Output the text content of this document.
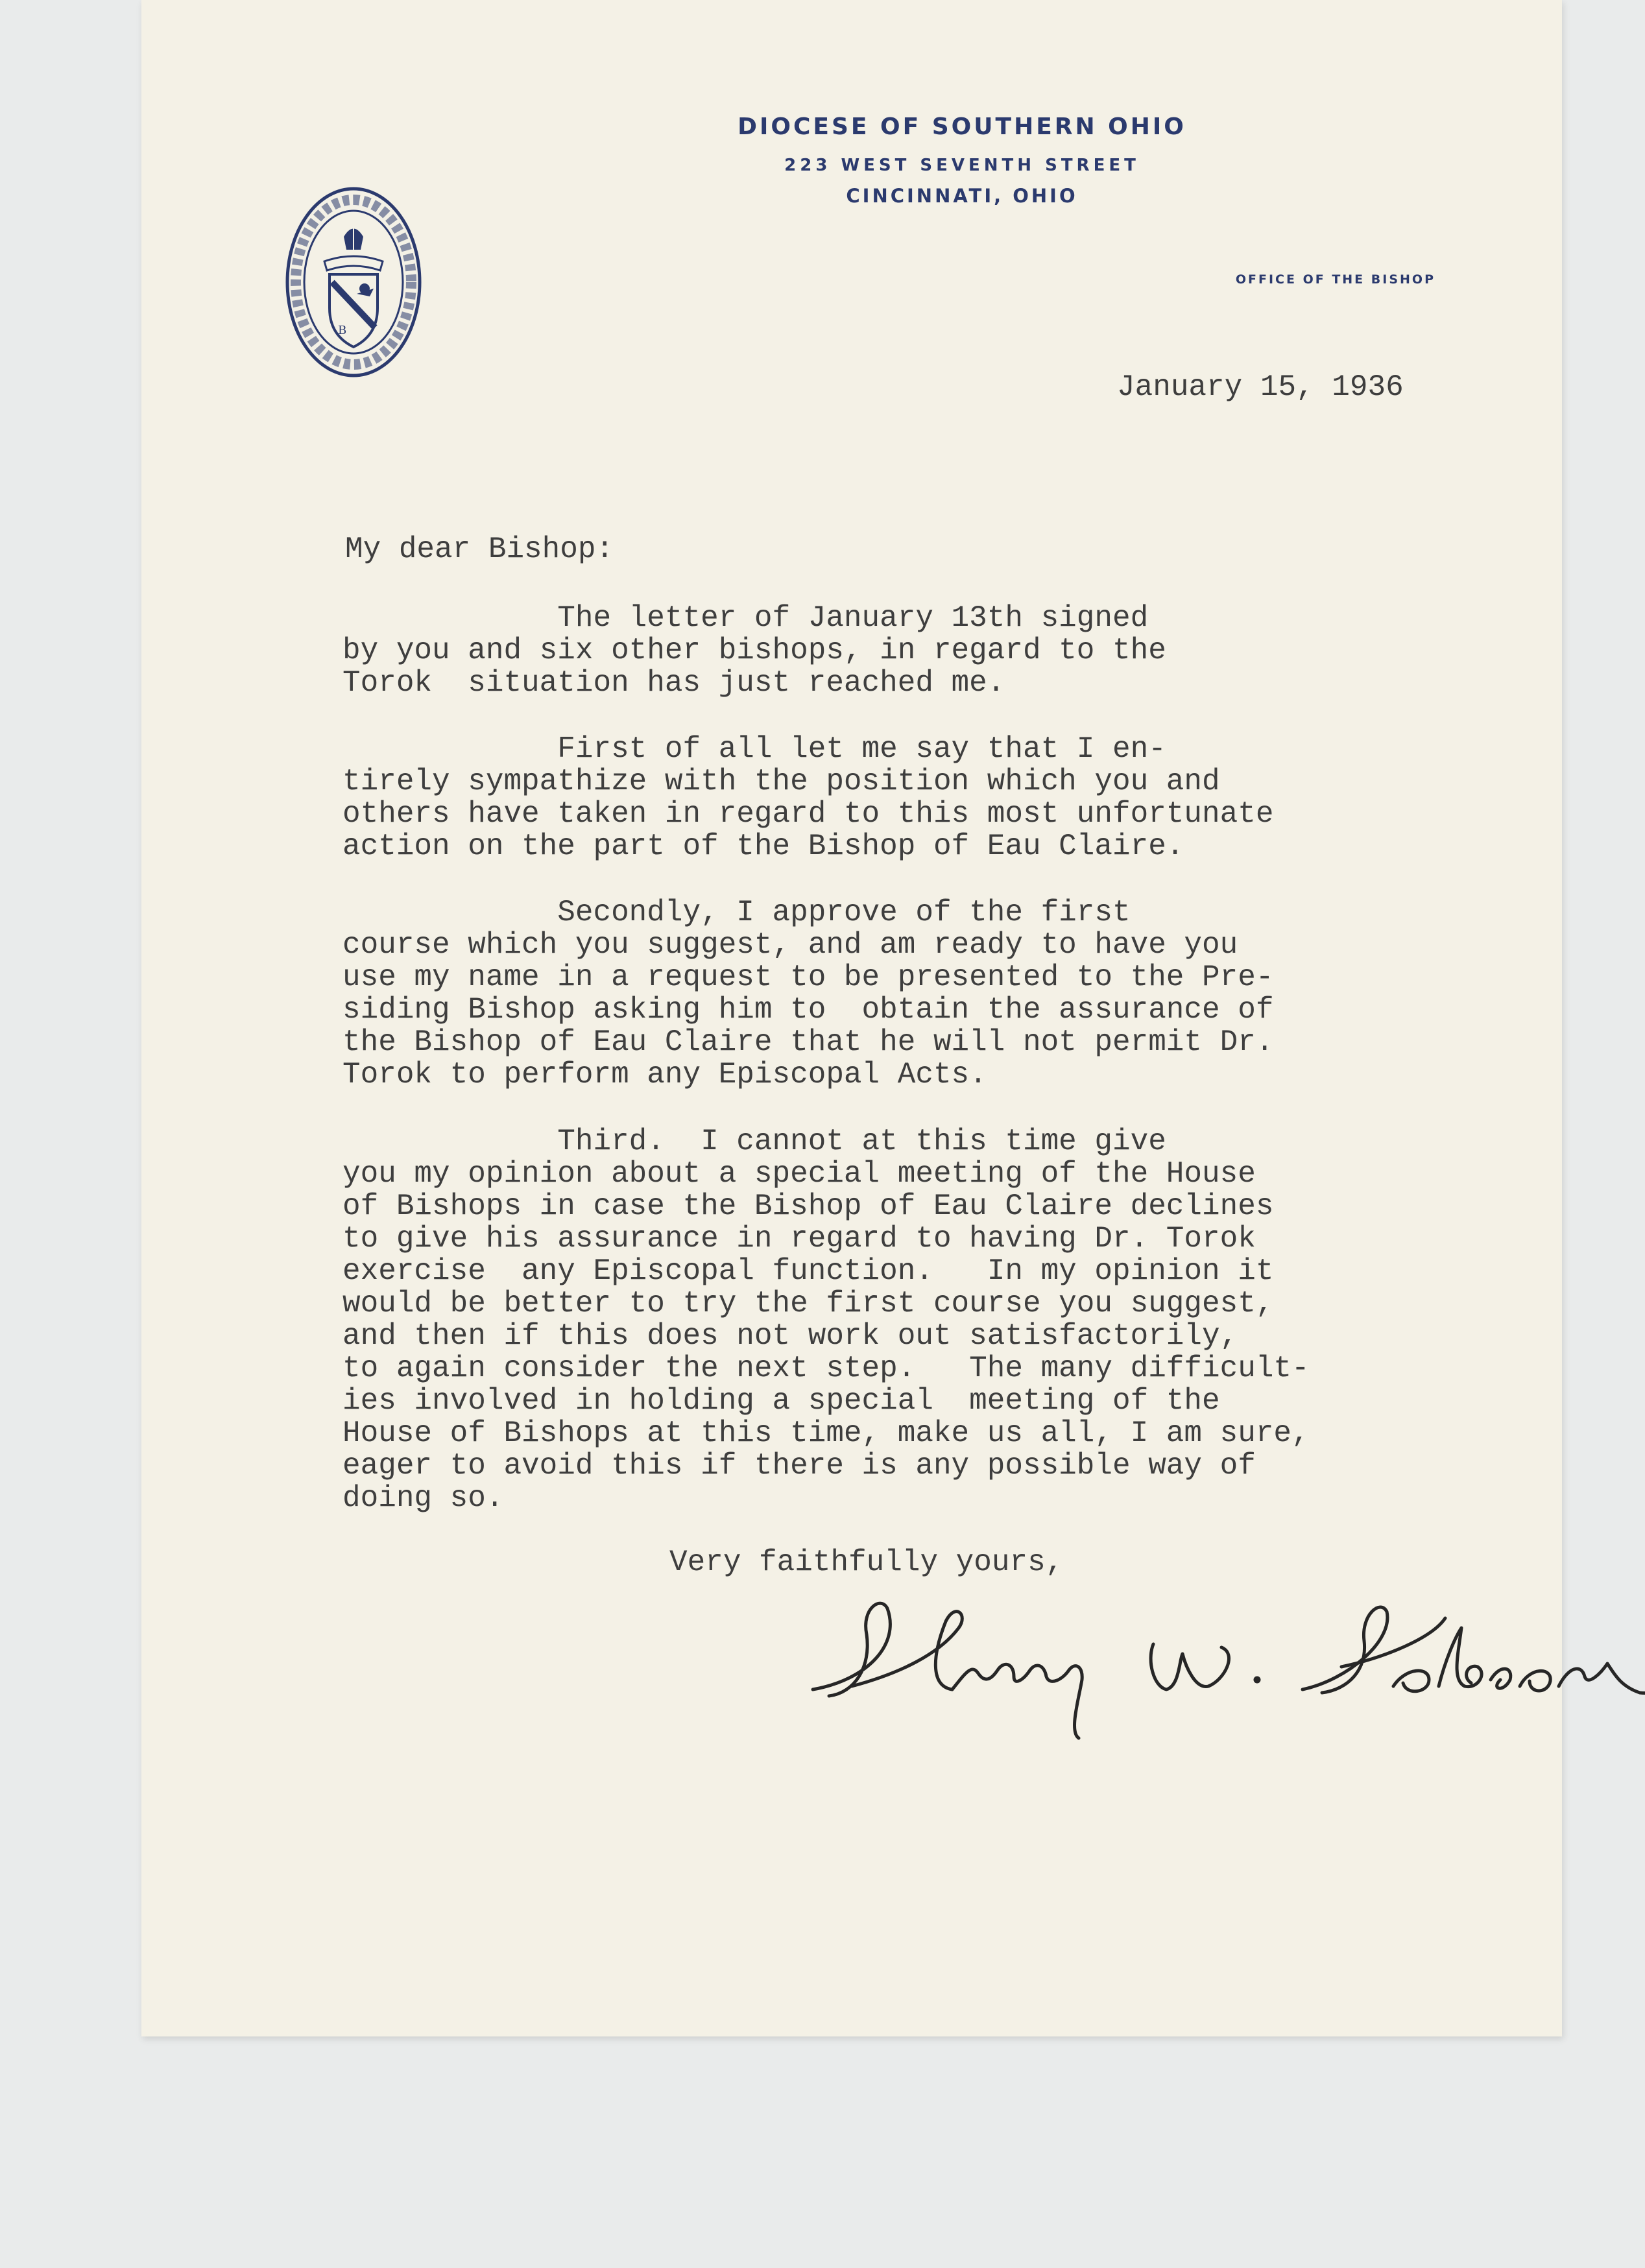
B
DIOCESE OF SOUTHERN OHIO
223 WEST SEVENTH STREET
CINCINNATI, OHIO
OFFICE OF THE BISHOP
January 15, 1936
My dear Bishop:
The letter of January 13th signed
by you and six other bishops, in regard to the
Torok  situation has just reached me.
First of all let me say that I en-
tirely sympathize with the position which you and
others have taken in regard to this most unfortunate
action on the part of the Bishop of Eau Claire.
Secondly, I approve of the first
course which you suggest, and am ready to have you
use my name in a request to be presented to the Pre-
siding Bishop asking him to  obtain the assurance of
the Bishop of Eau Claire that he will not permit Dr.
Torok to perform any Episcopal Acts.
Third.  I cannot at this time give
you my opinion about a special meeting of the House
of Bishops in case the Bishop of Eau Claire declines
to give his assurance in regard to having Dr. Torok
exercise  any Episcopal function.   In my opinion it
would be better to try the first course you suggest,
and then if this does not work out satisfactorily,
to again consider the next step.   The many difficult-
ies involved in holding a special  meeting of the
House of Bishops at this time, make us all, I am sure,
eager to avoid this if there is any possible way of
doing so.
Very faithfully yours,
